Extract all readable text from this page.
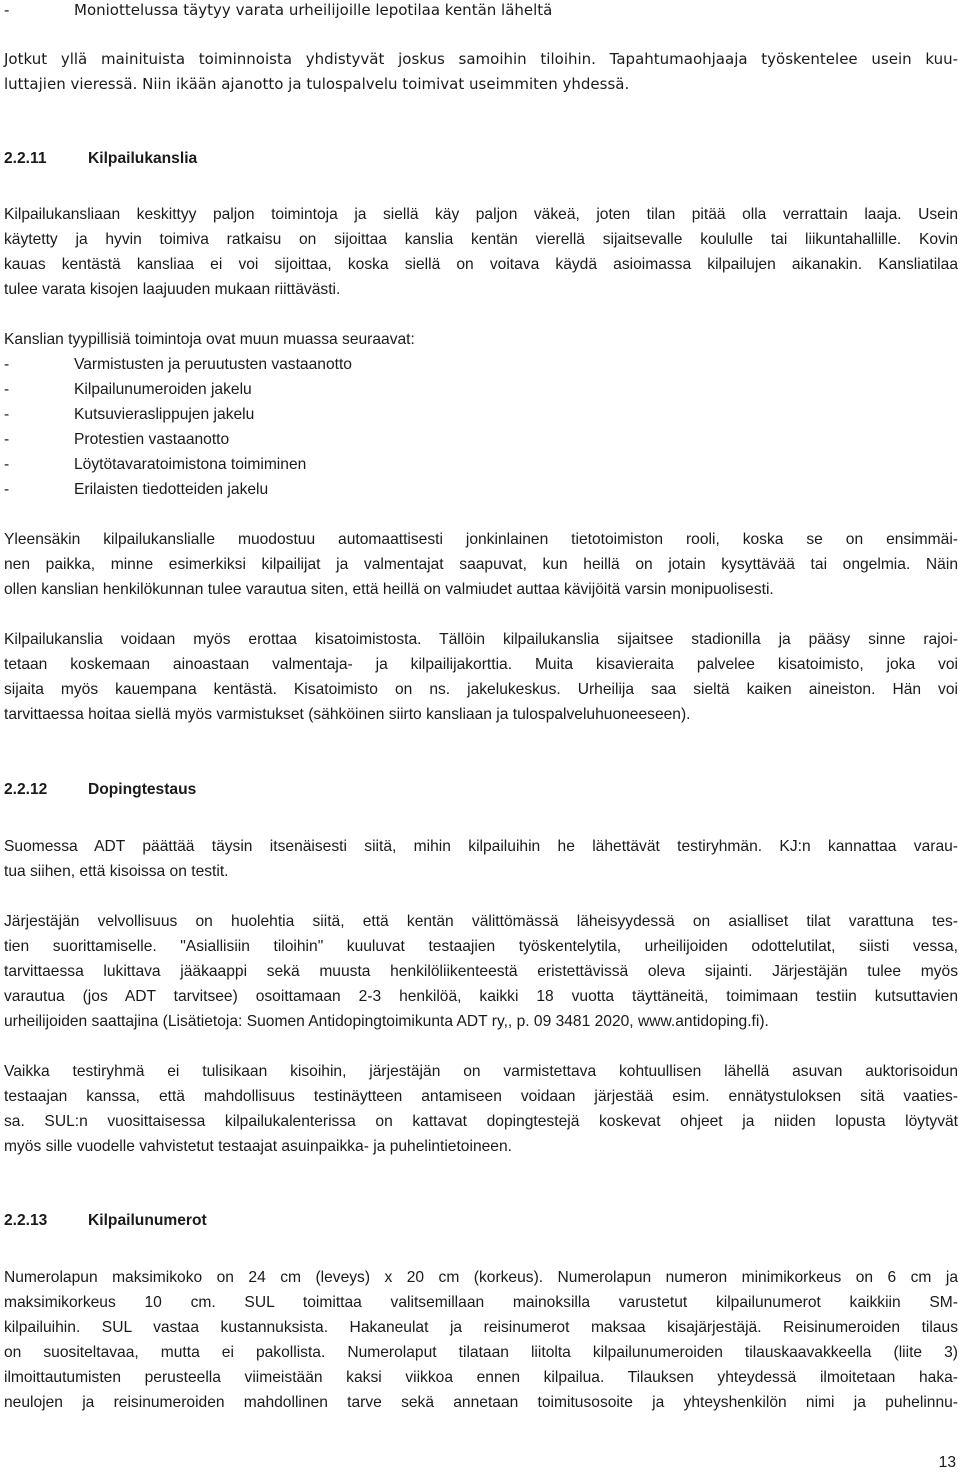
-	Moniottelussa täytyy varata urheilijoille lepotilaa kentän läheltä
Jotkut yllä mainituista toiminnoista yhdistyvät joskus samoihin tiloihin. Tapahtumaohjaaja työskentelee usein kuu-
luttajien vieressä. Niin ikään ajanotto ja tulospalvelu toimivat useimmiten yhdessä.
2.2.11	Kilpailukanslia
Kilpailukansliaan keskittyy paljon toimintoja ja siellä käy paljon väkeä, joten tilan pitää olla verrattain laaja. Usein
käytetty ja hyvin toimiva ratkaisu on sijoittaa kanslia kentän vierellä sijaitsevalle koululle tai liikuntahallille. Kovin
kauas kentästä kansliaa ei voi sijoittaa, koska siellä on voitava käydä asioimassa kilpailujen aikanakin. Kansliatilaa
tulee varata kisojen laajuuden mukaan riittävästi.
Kanslian tyypillisiä toimintoja ovat muun muassa seuraavat:
-	Varmistusten ja peruutusten vastaanotto
-	Kilpailunumeroiden jakelu
-	Kutsuvieraslippujen jakelu
-	Protestien vastaanotto
-	Löytötavaratoimistona toimiminen
-	Erilaisten tiedotteiden jakelu
Yleensäkin kilpailukanslialle muodostuu automaattisesti jonkinlainen tietotoimiston rooli, koska se on ensimmäi-
nen paikka, minne esimerkiksi kilpailijat ja valmentajat saapuvat, kun heillä on jotain kysyttävää tai ongelmia. Näin
ollen kanslian henkilökunnan tulee varautua siten, että heillä on valmiudet auttaa kävijöitä varsin monipuolisesti.
Kilpailukanslia voidaan myös erottaa kisatoimistosta. Tällöin kilpailukanslia sijaitsee stadionilla ja pääsy sinne rajoi-
tetaan koskemaan ainoastaan valmentaja- ja kilpailijakorttia. Muita kisavieraita palvelee kisatoimisto, joka voi
sijaita myös kauempana kentästä. Kisatoimisto on ns. jakelukeskus. Urheilija saa sieltä kaiken aineiston. Hän voi
tarvittaessa hoitaa siellä myös varmistukset (sähköinen siirto kansliaan ja tulospalveluhuoneeseen).
2.2.12	Dopingtestaus
Suomessa ADT päättää täysin itsenäisesti siitä, mihin kilpailuihin he lähettävät testiryhmän. KJ:n kannattaa varau-
tua siihen, että kisoissa on testit.
Järjestäjän velvollisuus on huolehtia siitä, että kentän välittömässä läheisyydessä on asialliset tilat varattuna tes-
tien suorittamiselle. "Asiallisiin tiloihin" kuuluvat testaajien työskentelytila, urheilijoiden odottelutilat, siisti vessa,
tarvittaessa lukittava jääkaappi sekä muusta henkilöliikenteestä eristettävissä oleva sijainti. Järjestäjän tulee myös
varautua (jos ADT tarvitsee) osoittamaan 2-3 henkilöä, kaikki 18 vuotta täyttäneitä, toimimaan testiin kutsuttavien
urheilijoiden saattajina (Lisätietoja: Suomen Antidopingtoimikunta ADT ry,, p. 09 3481 2020, www.antidoping.fi).
Vaikka testiryhmä ei tulisikaan kisoihin, järjestäjän on varmistettava kohtuullisen lähellä asuvan auktorisoidun
testaajan kanssa, että mahdollisuus testinäytteen antamiseen voidaan järjestää esim. ennätystuloksen sitä vaaties-
sa. SUL:n vuosittaisessa kilpailukalenterissa on kattavat dopingtestejä koskevat ohjeet ja niiden lopusta löytyvät
myös sille vuodelle vahvistetut testaajat asuinpaikka- ja puhelintietoineen.
2.2.13	Kilpailunumerot
Numerolapun maksimikoko on 24 cm (leveys) x 20 cm (korkeus). Numerolapun numeron minimikorkeus on 6 cm ja
maksimikorkeus 10 cm. SUL toimittaa valitsemillaan mainoksilla varustetut kilpailunumerot kaikkiin SM-
kilpailuihin. SUL vastaa kustannuksista. Hakaneulat ja reisinumerot maksaa kisajärjestäjä. Reisinumeroiden tilaus
on suositeltavaa, mutta ei pakollista. Numerolaput tilataan liitolta kilpailunumeroiden tilauskaavakkeella (liite 3)
ilmoittautumisten perusteella viimeistään kaksi viikkoa ennen kilpailua. Tilauksen yhteydessä ilmoitetaan haka-
neulojen ja reisinumeroiden mahdollinen tarve sekä annetaan toimitusosoite ja yhteyshenkilön nimi ja puhelinnu-
13
